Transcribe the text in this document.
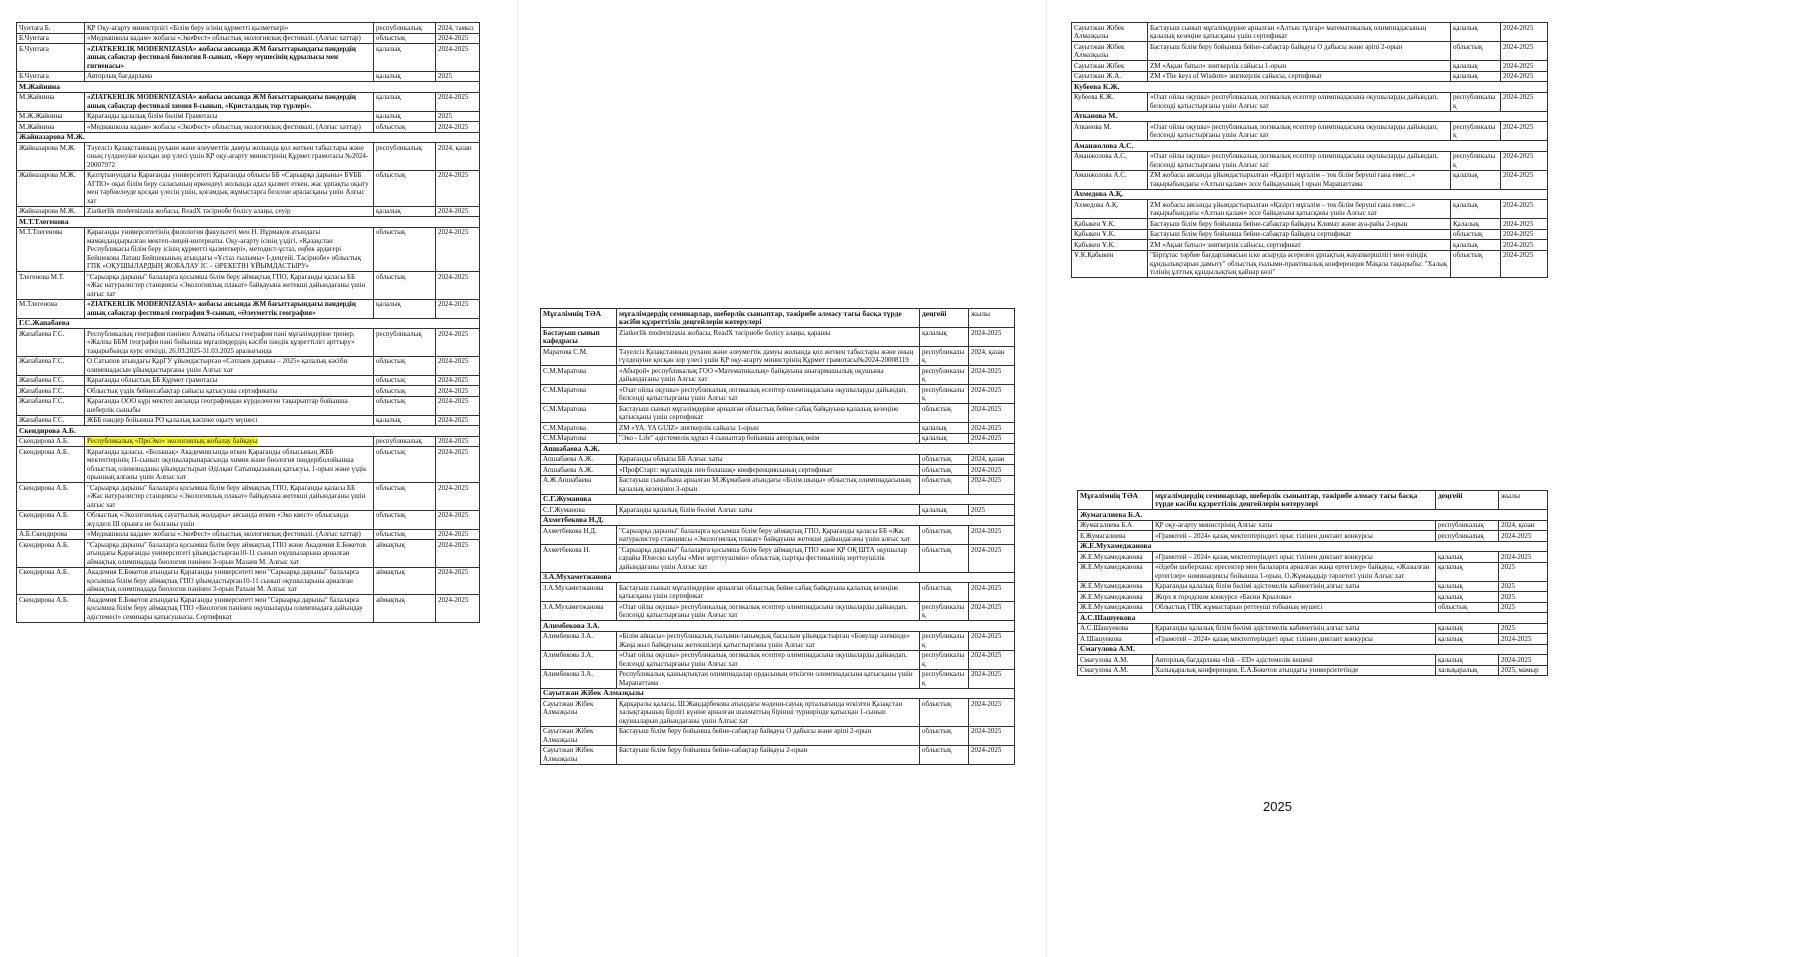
Чуитаға Б.	ҚР Оқу-ағарту министрлігі «Білім беру ісінің құрметті қызметкері»	республикалық	2024, тамыз
Б.Чуитаға	«Медиашкола кадам» жобасы «ЭкоФест» облыстық экологиялық фестивалі. (Алғыс хаттар)	облыстық	2024-2025
Б.Чуитаға	«ZIATKERLIK MODERNIZASIA» жобасы аясында ЖМ бағыттарындағы пәндердің ашық сабақтар фестивалі биология 8-сынып, «Көру мүшесінің құрылысы мен гигиенасы»	қалалық	2024-2025
Б.Чуитаға	Авторлық бағдарлама	қалалық	2025
М.Жайнина			
М.Жайнина	«ZIATKERLIK MODERNIZASIA» жобасы аясында ЖМ бағыттарындағы пәндердің ашық сабақтар фестивалі химия 8-сынып, «Кристалдық тор түрлері».	қалалық	2024-2025
М.Ж.Жайнина	Қарағанды қалалық білім бөлімі Грамотасы	қалалық	2025
М.Жайнина	«Медиашкола кадам» жобасы «ЭкоФест» облыстық экологиялық фестивалі. (Алғыс хаттар)	облыстық	2024-2025
Жайназарова М.Ж.			
Жайназарова М.Ж.	Тәуелсіз Қазақстанның рухани және әлеуметтік дамуы жолында қол жеткен табыстары және оның гүлденуіне қосқан зор үлесі үшін ҚР оқу-ағарту министрінің Құрмет грамотасы №2024-20007972	республикалық	2024, қазан
Жайназарова М.Ж.	Қазтұтынуодағы Қарағанды университеті Қарағанды облысы ББ «Сарыарқа дарыны» БҰББ АГПО» оқыі білім беру саласының өркендеуі жолында адал қызмет еткен, жас ұрпақты оқыту мен тәрбиелеуде қосқан үлесін үшін, қоғамдық жұмыстарға белсене араласқаны үшін Алғыс хат	облыстық	2024-2025
Жайназарова М.Ж.	Ziatkerlik modernizasia жобасы, ReadX тәсірнобе болісу алаңы, сеуір	қалалық	2024-2025
М.Т.Тлегенова			
М.Т.Тлегенова	Қарағанды университетінің филология факультеті мен Н. Нұрмақов атындағы мамандандырылған мектеп-лицей-интернаты. Оқу-ағарту ісінің үздігі, «Қазақстан Республикасы білім беру ісінің құрметті қызметкері», методист-ұстаз, еңбек ардагері Бейшекова Латаш Бейшекының атындағы «Ұстаз ғылымы» І-деңгейі. Тәсірнобе» облыстық ГПК «ОҚУШЫЛАРДЫҢ ЖОБАЛАУ ІС – ӘРЕКЕТІН ҰЙЫМДАСТЫРУ»	облыстық	2024-2025
Тлегенова М.Т.	"Сарыарқа дарыны" балаларға қосымша білім беру аймақтық ГПО, Қарағанды қаласы ББ «Жас натуралистер станциясы «Экологиялық плакат» байқауына жетекші дайындағаны үшін алғыс хат	облыстық	2024-2025
М.Тлегенова	«ZIATKERLIK MODERNIZASIA» жобасы аясында ЖМ бағыттарындағы пәндердің ашық сабақтар фестивалі география 9-сынып, «Әлеуметтік география»	қалалық	2024-2025
Г.С.Жапабаева			
Жапабаева Г.С.	Республикалық география пәнінен Алматы облысы география пәні мұғалімдеріне тренер, «Жалпы ББМ географія пәні бойынша мұғалімдердің кәсіби пәндік құзреттілігі арттыру» тақырыбында курс өткізді, 26.03.2025-31.03.2025 аралығында	республикалық	2024-2025
Жапабаева Г.С.	О.Сатыпов атындағы ҚарГУ ұйымдастырған «Сәтпаев дарыны – 2025» қалалық кәсіби олимпиадасын ұйымдастырғаны үшін Алғыс хат	облыстық	2024-2025
Жапабаева Г.С.	Қарағанды облыстық ББ Құрмет грамотасы	облыстық	2024-2025
Жапабаева Г.С.	Облыстық үздік бейнесабақтар сайысы қатысушы сертификаты	облыстық	2024-2025
Жапабаева Г.С.	Қарағанды ООО кұрі мектеп аясында географиядан күрделенген тақырыптар бойынша шеберлік сыныбы	облыстық	2024-2025
Жапабаева Г.С.	ЖББ пәндер бойынша РО қалалық кәсіпке оқыту мүшесі	қалалық	2024-2025
Скендирова А.Б.			
Скендирова А.Б.	Республикалық «ПроЭко» экологиялық жобалау байқауы	республикалық	2024-2025
Скендирова А.Б.	Қарағанды қаласы, «Болашақ» Академиясында өткен Қарағанды облысының ЖББ мектептерінің 11-сынып оқушыларынарасында химия және биология пәндеріболойынша облыстық олимпиаданы ұйымдастырып Әділқан Сатыпқызының қатысуы, 1-орын және үздік орынның алғаны үшін Алғыс хат	облыстық	2024-2025
Скендирова А.Б.	"Сарыарқа дарыны" балаларға қосымша білім беру аймақтық ГПО, Қарағанды қаласы ББ «Жас натуралистер станциясы «Экологиялық плакат» байқауына жетекші дайындағаны үшін алғыс хат	облыстық	2024-2025
Скендирова А.Б.	Облыстық «Экологиялық сауаттылық жолдары» аясында өткен «Эко квест» облысында жүлделі ІІІ орынға ие болғаны үшін	облыстық	2024-2025
А.Б.Скендирова	«Медиашкола кадам» жобасы «ЭкоФест» облыстық экологиялық фестивалі. (Алғыс хаттар)	облыстық	2024-2025
Скендирова А.Б.	"Сарыарқа дарыны" балаларға қосымша білім беру аймақтық ГПО және Академия Е.Бөкетов атындағы Қарағанды университеті ұйымдастырған10-11 сынып оқушыларына арналған аймақтық олимпиадада биология пәнінен 3-орын Мазаев М. Алғыс хат	аймақтық	2024-2025
Скендирова А.Б.	Академия Е.Бөкетов атындағы Қарағанды университеті мен "Сарыарқа дарыны" балаларға қосымша білім беру аймақтық ГПО ұйымдастырған10-11 сынып оқушыларына арналған аймақтық олимпиадада биология пәнінен 3-орын Рахым М. Алғыс хат	аймақтық	2024-2025
Скендирова А.Б.	Академия Е.Бөкетов атындағы Қарағанды университеті мен "Сарыарқа дарыны" балаларға қосымша білім беру аймақтық ГПО «Биология пәнінен оқушыларды олимпиадаға дайындау әдістемесі» семинары қатысушысы. Сертификат	аймақтық	2024-2025
Мұғалімнің ТӘА	мұғалімдердің семинарлар, шеберлік сыныптар, тәжірибе алмасу тағы басқа түрде кәсіби құзреттілік деңгейлерін көтерулері	деңгейі	жылы
Бастауыш сынып кафедрасы	Ziatkerlik modernizasia жобасы, ReadX тәсірнобе болісу алаңы, қарашы	қалалық	2024-2025
Маратова С.М.	Тәуелсіз Қазақстанның рухани және әлеуметтік дамуы жолында қол жеткен табыстары және оның гүлденуіне қосқан зор үлесі үшін ҚР оқу-ағарту министрінің Құрмет грамотасы№2024-20008119	республикалық	2024, қазан
С.М.Маратова	«Абырой» республикалық ГОО «Математикалық» байқауына шығармашылық оқушыны дайындағаны үшін Алғыс хат	республикалық	2024-2025
С.М.Маратова	«Озат ойлы оқушы» республикалық логикалық есептер олимпиадасына оқушыларды дайындап, белсенді қатыстырғаны үшін Алғыс хат	республикалық	2024-2025
С.М.Маратова	Бастауыш сынып мұғалімдеріне арналған облыстық бейне сабақ байқауына қалалық кезеңіне қатысқаны үшін сертификат	облыстық	2024-2025
С.М.Маратова	ZM «YA. YA GUIZ» зияткерлік сайысы 1-орын	қалалық	2024-2025
С.М.Маратова	"Эко - Life" әдістемелік құрал 4 сыныптар бойынша авторлық өнім	қалалық	2024-2025
Апшабаева А.Ж.			
Апшабаева А.Ж.	Қарағанды облысы ББ Алғыс хаты	облыстық	2024, қазан
Апшабаева А.Ж.	«ПрофСтарт: мұғалімдік пен болашақ» конференциясының сертификат	облыстық	2024-2025
А.Ж.Апшабаева	Бастауыш сыныбына арналған М.Жұмабаев атындағы «Білім шыңы» облыстық олимпиадасының қалалық кезеңінен 3-орын	облыстық	2024-2025
С.Г.Жуманова			
С.Г.Жуманова	Қарағанды қалалық білім бөлімі Алғыс хаты	қалалық	2025
Ахметбекова Н.Д.			
Ахметбекова Н.Д.	"Сарыарқа дарыны" балаларға қосымша білім беру аймақтық ГПО, Қарағанды қаласы ББ «Жас натуралистер станциясы «Экологиялық плакат» байқауына жетекші дайындағаны үшін алғыс хат	облыстық	2024-2025
Ахметбекова Н.	"Сарыарқа дарыны" балаларға қосымша білім беру аймақтық ГПО және ҚР ОҚ ШТА оқушылар сарайы Юнеско клубы «Мен зерттеушімін» облыстық сыртқы фестивалінің зерттеушілік дайындағаны үшін Алғыс хат	облыстық	2024-2025
З.А.Мухаметжанова			
З.А.Мухаметжанова	Бастауыш сынып мұғалімдеріне арналған облыстық бейне сабақ байқауына қалалық кезеңіне қатысқаны үшін сертификат	облыстық	2024-2025
З.А.Мухаметжанова	«Озат ойлы оқушы» республикалық логикалық есептер олимпиадасына оқушыларды дайындап, белсенді қатыстырғаны үшін Алғыс хат	республикалық	2024-2025
Алимбекова З.А.			
Алимбекова З.А.	«Білім айнасы» республикалық ғылыми-танымдық басылым ұйымдастырған «Бояулар әлемінде» Жаңа жыл байқауына жетекшілері қатыстырғаны үшін Алғыс хат	республикалық	2024-2025
Алимбекова З.А.	«Озат ойлы оқушы» республикалық логикалық есептер олимпиадасына оқушыларды дайындап, белсенді қатыстырғаны үшін Алғыс хат	республикалық	2024-2025
Алимбекова З.А.	Республикалық қашықтықтан олимпиадалар ордасының өткізген олимпиадасына қатысқаны үшін Марапаттама	республикалық	2024-2025
Сауытжан Жібек Алмазқызы			
Сауытжан Жібек Алмазқызы	Қарқаралы қаласы, Ш.Жандарбекова атындағы мәдени-сауық орталығында өткізген Қазақстан халықтарының бірлігі күніне арналған шахматтың бірінші турнирінде қатысқан 1-сынып оқушыларын дайындағаны үшін Алғыс хат	облыстық	2024-2025
Сауытжан Жібек Алмазқызы	Бастауыш білім беру бойынша бейне-сабақтар байқауы О дабысы және әріпі 2-орын	облыстық	2024-2025
Сауытжан Жібек Алмазқызы	Бастауыш білім беру бойынша бейне-сабақтар байқауы 2-орын	облыстық	2024-2025
Сауытжан Жібек Алмазқызы	Бастауыш сынып мұғалімдеріне арналған «Алтын тұлғар» математикалық олимпиадасының қалалық кезеңіне қатысқаны үшін сертификат	қалалық	2024-2025
Сауытжан Жібек Алмазқызы	Бастауыш білім беру бойынша бейне-сабақтар байқауы О дабысы және әріпі 2-орын	облыстық	2024-2025
Сауытжан Жібек	ZM «Ақын батыл» зияткерлік сайысы 1-орын	қалалық	2024-2025
Сауытжан Ж.А.	ZM «The keys of Wisdom» зияткерлік сайысы, сертификат	қалалық	2024-2025
Кубеева К.Ж.			
Кубеева К.Ж.	«Озат ойлы оқушы» республикалық логикалық есептер олимпиадасына оқушыларды дайындап, белсенді қатыстырғаны үшін Алғыс хат	республикалық	2024-2025
Атканова М.			
Атканова М.	«Озат ойлы оқушы» республикалық логикалық есептер олимпиадасына оқушыларды дайындап, белсенді қатыстырғаны үшін Алғыс хат	республикалық	2024-2025
Аманжолова А.С.			
Аманжолова А.С.	«Озат ойлы оқушы» республикалық логикалық есептер олимпиадасына оқушыларды дайындап, белсенді қатыстырғаны үшін Алғыс хат	республикалық	2024-2025
Аманжолова А.С.	ZM жобасы аясында ұйымдастырылған «Қазіргі мұғалім – тек білім беруші ғана емес...» тақырыбындағы «Алтын қалам» эссе байқауының І орын Марапаттама	қалалық	2024-2025
Ахмедова А.Қ.			
Ахмедова А.Қ.	ZM жобасы аясында ұйымдастырылған «Қазіргі мұғалім – тек білім беруші ғана емес...» тақырыбындағы «Алтын қалам» эссе байқауына қатысқаны үшін Алғыс хат	қалалық	2024-2025
Қабыкен Ұ.К.	Бастауыш білім беру бойынша бейне-сабақтар байқауы Климат және ауа-райы 2-орын	Қалалық	2024-2025
Қабыкен Ұ.К.	Бастауыш білім беру бойынша бейне-сабақтар байқауы сертификат	облыстық	2024-2025
Қабыкен Ұ.К.	ZM «Ақын батыл» зияткерлік сайысы, сертификат	қалалық	2024-2025
Ұ.К.Қабыкен	"Біртұтас тәрбие бағдарламасын іске асыруда әсерелен ұрпақтың жауапкершілігі мен өзіндік құндылықтарын дамыту" облыстық ғылыми-практикалық конференция Мақала тақырыбы: "Халық тілінің ұлттық құндылықтың қайнар көзі"	облыстық	2024-2025
Мұғалімнің ТӘА	мұғалімдердің семинарлар, шеберлік сыныптар, тәжірибе алмасу тағы басқа түрде кәсіби құзреттілік деңгейлерін көтерулері	деңгейі	жылы
Жумагалиева Б.А.			
Жумагалиева Б.А.	ҚР оқу-ағарту министрінің Алғыс хаты	республикалық	2024, қазан
Б.Жумагалиева	«Грамотей – 2024» қазақ мектептеріндегі орыс тілінен диктант конкурсы	республикалық	2024-2025
Ж.Е.Мухамеджанова			
Ж.Е.Мухамеджанова	«Грамотей – 2024» қазақ мектептеріндегі орыс тілінен диктант конкурсы	қалалық	2024-2025
Ж.Е.Мухамеджанова	«Әдеби шеберхана: ересектер мен балаларға арналған жаңа ертегілер» байқауы, «Жазылған ертегілер» номинациясы бойынша 1-орын, О.Жұмақадыр тәрлетегі үшін Алғыс хат	қалалық	2025
Ж.Е.Мухамеджанова	Қарағанды қалалық білім бөлімі әдістемелік кабинетінің алғыс хаты	қалалық	2025
Ж.Е.Мухамеджанова	Жорх в городском конкурсе «Басни Крылова»	қалалық	2025
Ж.Е.Мухамеджанова	Облыстық ГПК жұмыстарын реттеуші тобының мүшесі	облыстық	2025
А.С.Шашуекова			
А.С.Шашуекова	Қарағанды қалалық білім бөлімі әдістемелік кабинетінің алғыс хаты	қалалық	2025
А.Шашуекова	«Грамотей – 2024» қазақ мектептеріндегі орыс тілінен диктант конкурсы	қалалық	2024-2025
Смагулова А.М.			
Смагулова А.М.	Авторлық бағдарлама «Ink – ED» әдістемелік кешені	қалалық	2024-2025
Смагулова А.М.	Халықаралық конференция, Е.А.Бөкетов атындағы университетінде	халықаралық	2025, мамыр
2025
